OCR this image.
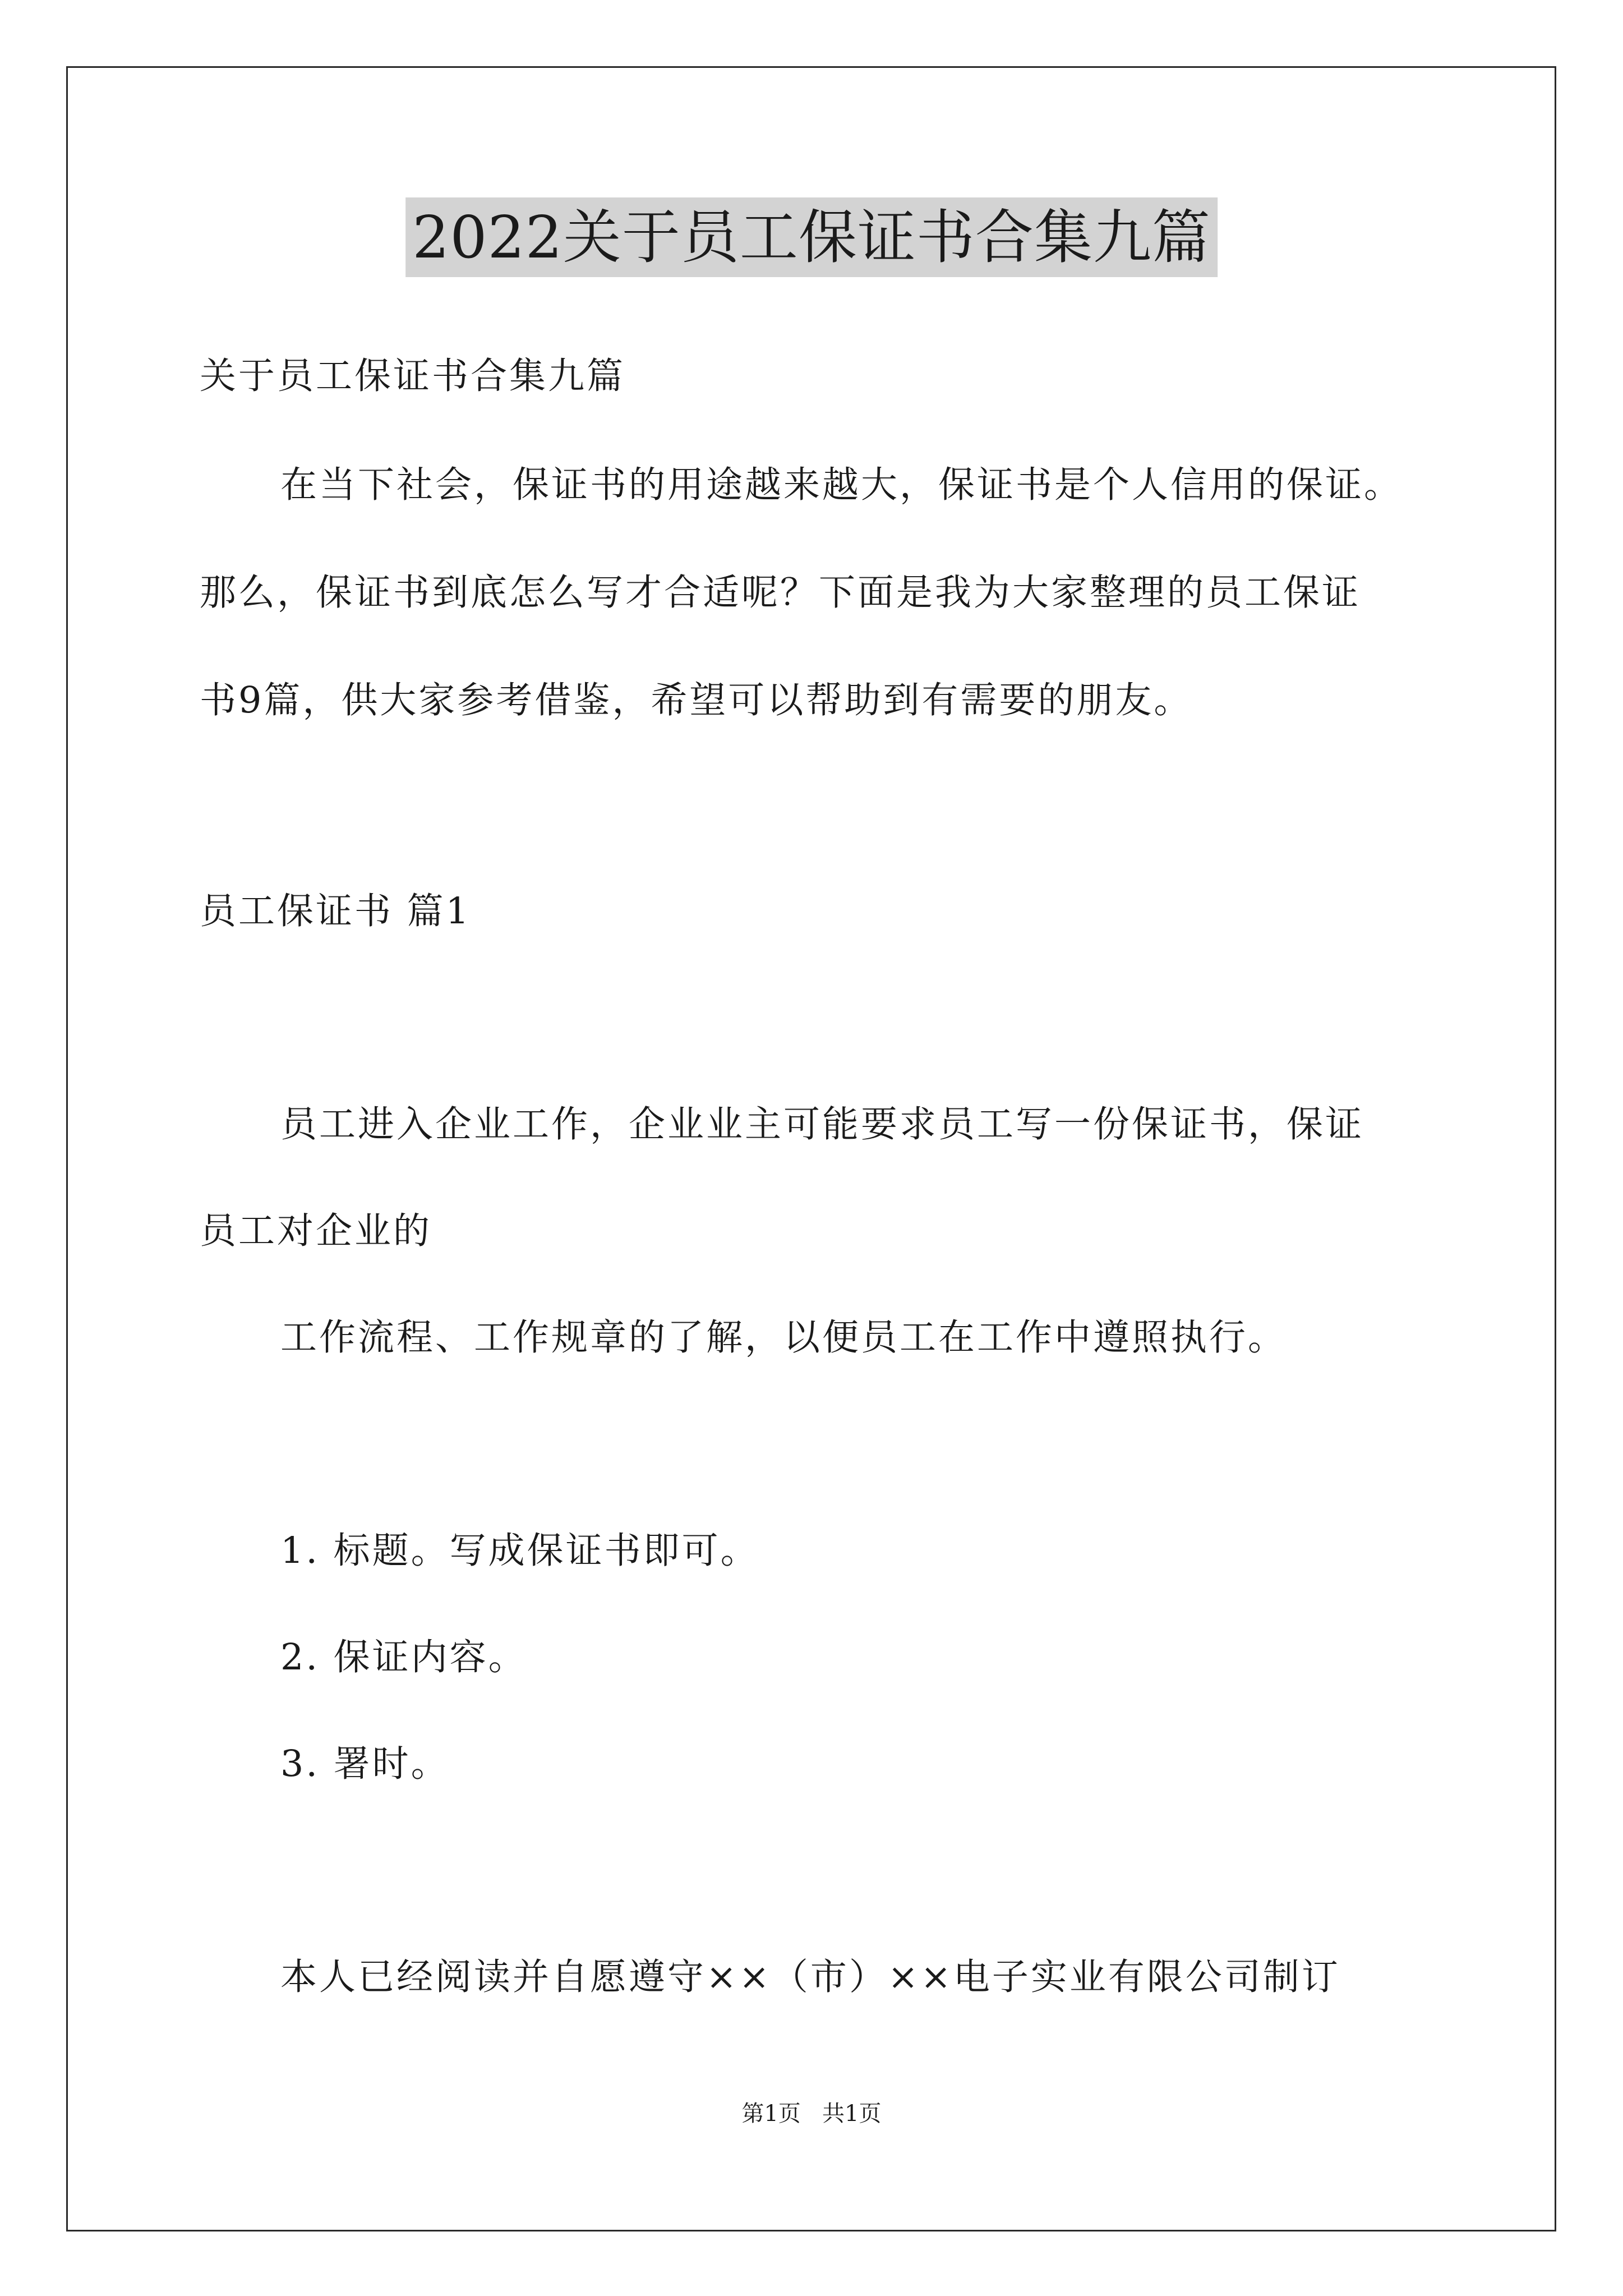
2022关于员工保证书合集九篇
关于员工保证书合集九篇
在当下社会，保证书的用途越来越大，保证书是个人信用的保证。
那么，保证书到底怎么写才合适呢？下面是我为大家整理的员工保证
书9篇，供大家参考借鉴，希望可以帮助到有需要的朋友。
员工保证书 篇1
员工进入企业工作，企业业主可能要求员工写一份保证书，保证
员工对企业的
工作流程、工作规章的了解，以便员工在工作中遵照执行。
1. 标题。写成保证书即可。
2. 保证内容。
3. 署时。
本人已经阅读并自愿遵守××（市）××电子实业有限公司制订
第1页   共1页
